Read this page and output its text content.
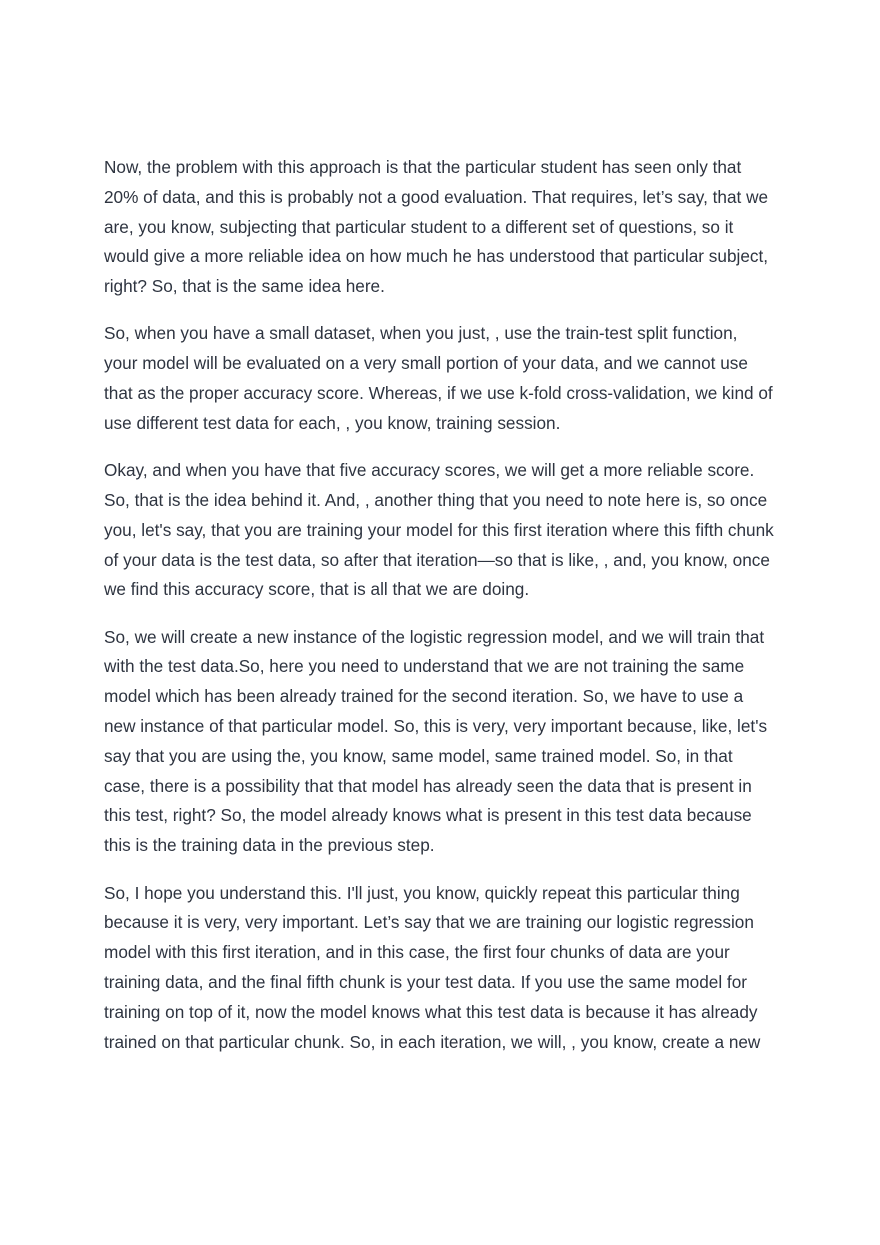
Now, the problem with this approach is that the particular student has seen only that
20% of data, and this is probably not a good evaluation. That requires, let’s say, that we
are, you know, subjecting that particular student to a different set of questions, so it
would give a more reliable idea on how much he has understood that particular subject,
right? So, that is the same idea here.

So, when you have a small dataset, when you just, , use the train-test split function,
your model will be evaluated on a very small portion of your data, and we cannot use
that as the proper accuracy score. Whereas, if we use k-fold cross-validation, we kind of
use different test data for each, , you know, training session.

Okay, and when you have that five accuracy scores, we will get a more reliable score.
So, that is the idea behind it. And, , another thing that you need to note here is, so once
you, let's say, that you are training your model for this first iteration where this fifth chunk
of your data is the test data, so after that iteration—so that is like, , and, you know, once
we find this accuracy score, that is all that we are doing.

So, we will create a new instance of the logistic regression model, and we will train that
with the test data.So, here you need to understand that we are not training the same
model which has been already trained for the second iteration. So, we have to use a
new instance of that particular model. So, this is very, very important because, like, let's
say that you are using the, you know, same model, same trained model. So, in that
case, there is a possibility that that model has already seen the data that is present in
this test, right? So, the model already knows what is present in this test data because
this is the training data in the previous step.

So, I hope you understand this. I'll just, you know, quickly repeat this particular thing
because it is very, very important. Let’s say that we are training our logistic regression
model with this first iteration, and in this case, the first four chunks of data are your
training data, and the final fifth chunk is your test data. If you use the same model for
training on top of it, now the model knows what this test data is because it has already
trained on that particular chunk. So, in each iteration, we will, , you know, create a new
